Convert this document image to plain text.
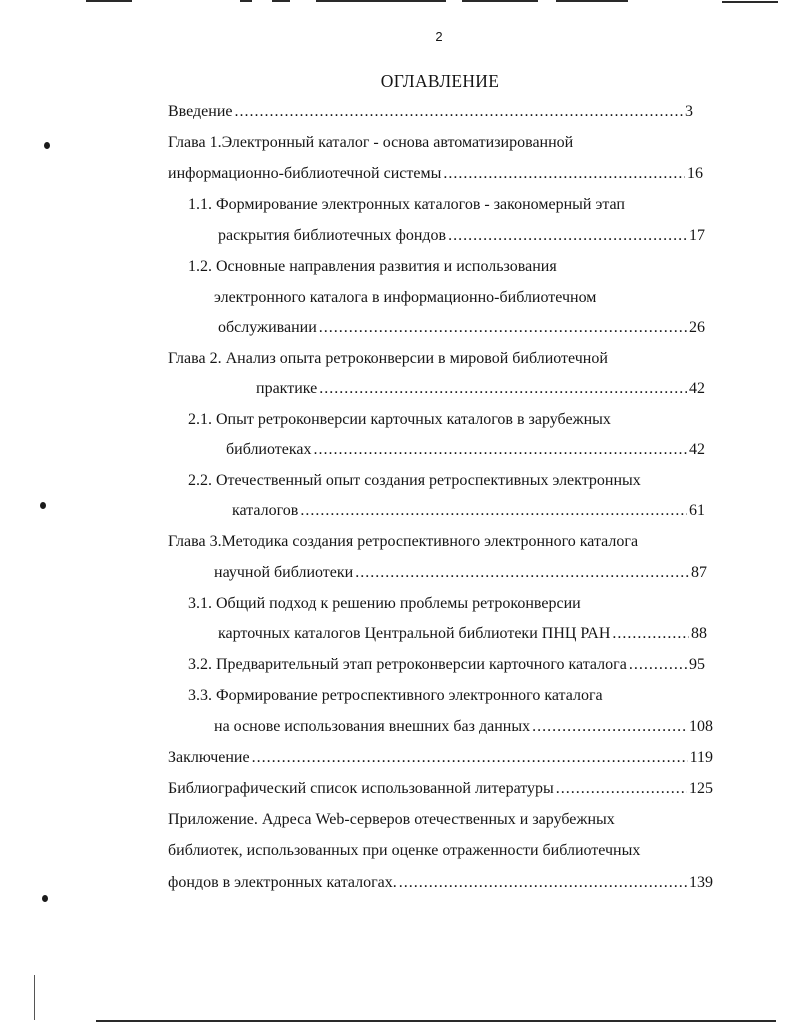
2
ОГЛАВЛЕНИЕ
Введение .....	3
Глава 1.Электронный каталог - основа автоматизированной
информационно-библиотечной системы .....	16
1.1. Формирование электронных каталогов - закономерный этап
раскрытия библиотечных фондов .....	17
1.2. Основные направления развития и использования
электронного каталога в информационно-библиотечном
обслуживании .....	26
Глава 2. Анализ опыта ретроконверсии в мировой библиотечной
практике .....	42
2.1. Опыт ретроконверсии карточных каталогов в зарубежных
библиотеках .....	42
2.2. Отечественный опыт создания ретроспективных электронных
каталогов .....	61
Глава 3.Методика создания ретроспективного электронного каталога
научной библиотеки .....	87
3.1. Общий подход к решению проблемы ретроконверсии
карточных каталогов Центральной библиотеки ПНЦ РАН .....	88
3.2. Предварительный этап ретроконверсии карточного каталога .....	95
3.3. Формирование ретроспективного электронного каталога
на основе использования внешних баз данных .....	108
Заключение .....	119
Библиографический список использованной литературы .....	125
Приложение. Адреса Web-серверов отечественных и зарубежных
библиотек, использованных при оценке отраженности библиотечных
фондов в электронных каталогах. .....	139
